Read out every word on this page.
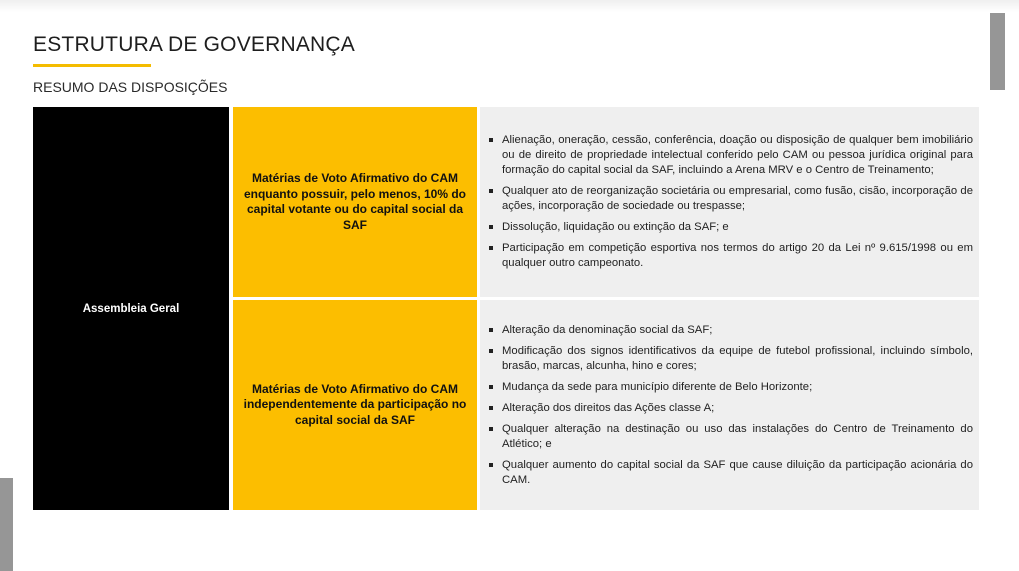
ESTRUTURA DE GOVERNANÇA
RESUMO DAS DISPOSIÇÕES
Assembleia Geral
Matérias de Voto Afirmativo do CAM enquanto possuir, pelo menos, 10% do capital votante ou do capital social da SAF
Alienação, oneração, cessão, conferência, doação ou disposição de qualquer bem imobiliário ou de direito de propriedade intelectual conferido pelo CAM ou pessoa jurídica original para formação do capital social da SAF, incluindo a Arena MRV e o Centro de Treinamento;
Qualquer ato de reorganização societária ou empresarial, como fusão, cisão, incorporação de ações, incorporação de sociedade ou trespasse;
Dissolução, liquidação ou extinção da SAF; e
Participação em competição esportiva nos termos do artigo 20 da Lei nº 9.615/1998 ou em qualquer outro campeonato.
Matérias de Voto Afirmativo do CAM independentemente da participação no capital social da SAF
Alteração da denominação social da SAF;
Modificação dos signos identificativos da equipe de futebol profissional, incluindo símbolo, brasão, marcas, alcunha, hino e cores;
Mudança da sede para município diferente de Belo Horizonte;
Alteração dos direitos das Ações classe A;
Qualquer alteração na destinação ou uso das instalações do Centro de Treinamento do Atlético; e
Qualquer aumento do capital social da SAF que cause diluição da participação acionária do CAM.
